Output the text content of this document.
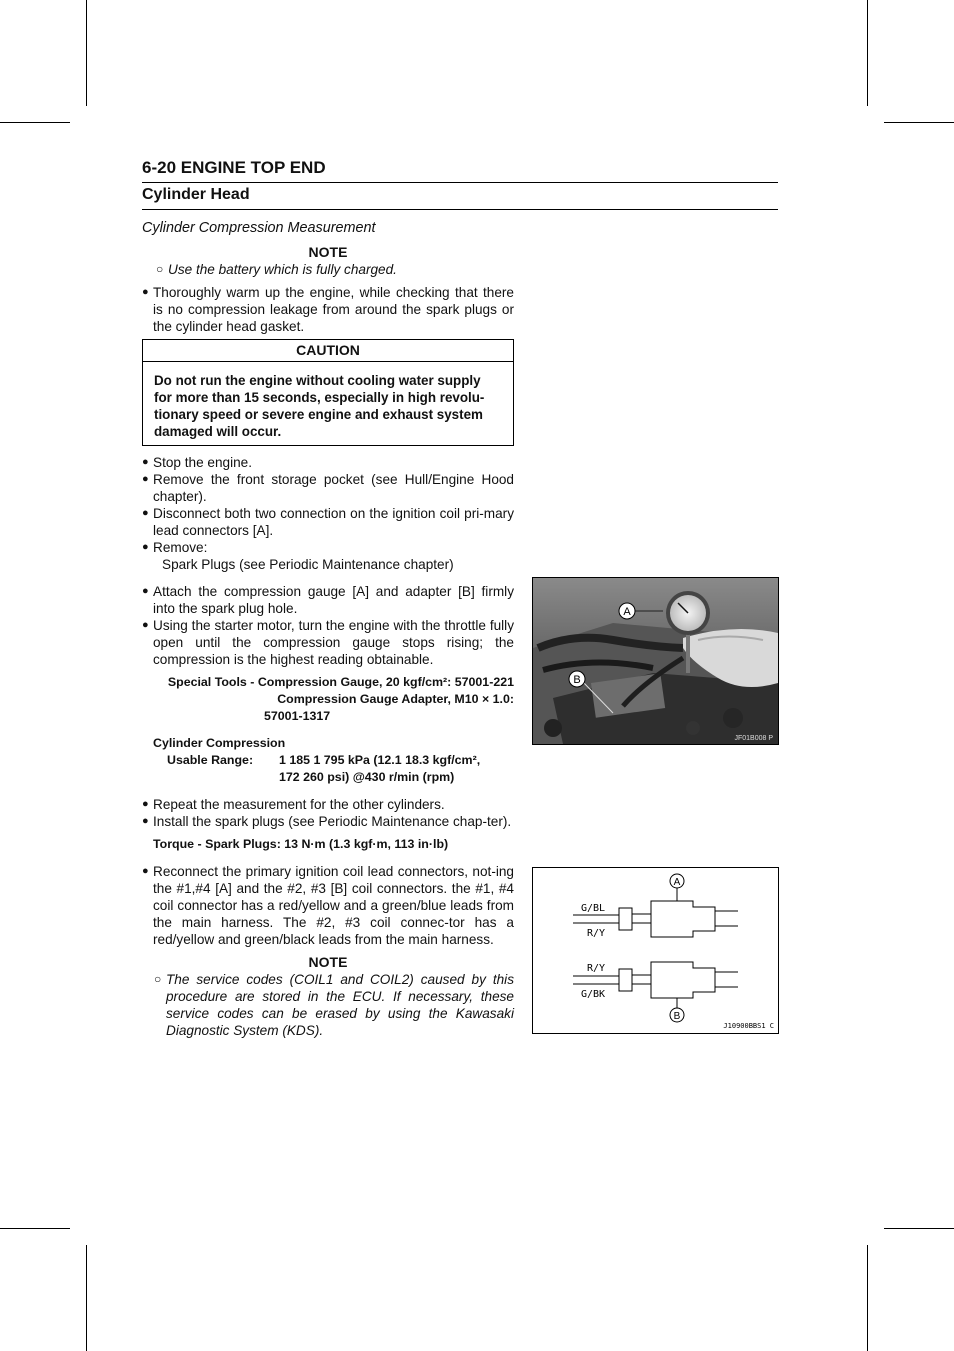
6-20 ENGINE TOP END
Cylinder Head
Cylinder Compression Measurement
NOTE
○ Use the battery which is fully charged.
● Thoroughly warm up the engine, while checking that there is no compression leakage from around the spark plugs or the cylinder head gasket.
CAUTION
Do not run the engine without cooling water supply for more than 15 seconds, especially in high revolu-tionary speed or severe engine and exhaust system damaged will occur.
● Stop the engine.
● Remove the front storage pocket (see Hull/Engine Hood chapter).
● Disconnect both two connection on the ignition coil pri-mary lead connectors [A].
● Remove:
Spark Plugs (see Periodic Maintenance chapter)
● Attach the compression gauge [A] and adapter [B] firmly into the spark plug hole.
● Using the starter motor, turn the engine with the throttle fully open until the compression gauge stops rising; the compression is the highest reading obtainable.
Special Tools - Compression Gauge, 20 kgf/cm²: 57001-221
Compression Gauge Adapter, M10 × 1.0:
57001-1317
Cylinder Compression
Usable Range:	1 185 1 795 kPa (12.1 18.3 kgf/cm²,
172 260 psi) @430 r/min (rpm)
● Repeat the measurement for the other cylinders.
● Install the spark plugs (see Periodic Maintenance chap-ter).
Torque - Spark Plugs: 13 N·m (1.3 kgf·m, 113 in·lb)
● Reconnect the primary ignition coil lead connectors, not-ing the #1,#4 [A] and the #2, #3 [B] coil connectors. the #1, #4 coil connector has a red/yellow and a green/blue leads from the main harness. The #2, #3 coil connec-tor has a red/yellow and green/black leads from the main harness.
NOTE
○ The service codes (COIL1 and COIL2) caused by this procedure are stored in the ECU. If necessary, these service codes can be erased by using the Kawasaki Diagnostic System (KDS).
A
B
JF01B008 P
A
B
G/BL
R/Y
R/Y
G/BK
J10900BBS1 C
